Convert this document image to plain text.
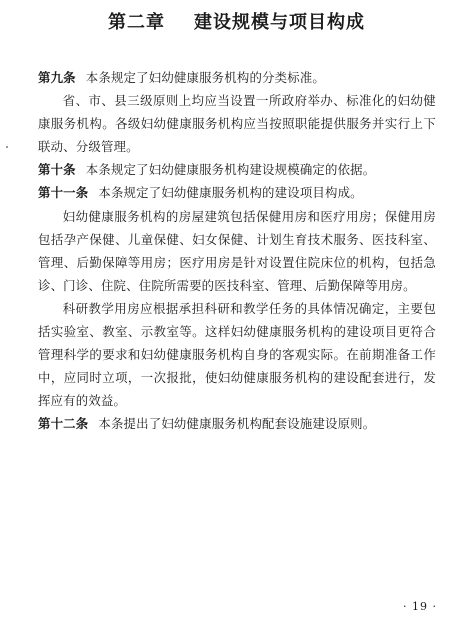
第二章    建设规模与项目构成

第九条 本条规定了妇幼健康服务机构的分类标准。

省、市、县三级原则上均应当设置一所政府举办、标准化的妇幼健康服务机构。各级妇幼健康服务机构应当按照职能提供服务并实行上下联动、分级管理。

第十条 本条规定了妇幼健康服务机构建设规模确定的依据。

第十一条 本条规定了妇幼健康服务机构的建设项目构成。

妇幼健康服务机构的房屋建筑包括保健用房和医疗用房；保健用房包括孕产保健、儿童保健、妇女保健、计划生育技术服务、医技科室、管理、后勤保障等用房；医疗用房是针对设置住院床位的机构，包括急诊、门诊、住院、住院所需要的医技科室、管理、后勤保障等用房。

科研教学用房应根据承担科研和教学任务的具体情况确定，主要包括实验室、教室、示教室等。这样妇幼健康服务机构的建设项目更符合管理科学的要求和妇幼健康服务机构自身的客观实际。在前期准备工作中，应同时立项，一次报批，使妇幼健康服务机构的建设配套进行，发挥应有的效益。

第十二条 本条提出了妇幼健康服务机构配套设施建设原则。

· 19 ·
